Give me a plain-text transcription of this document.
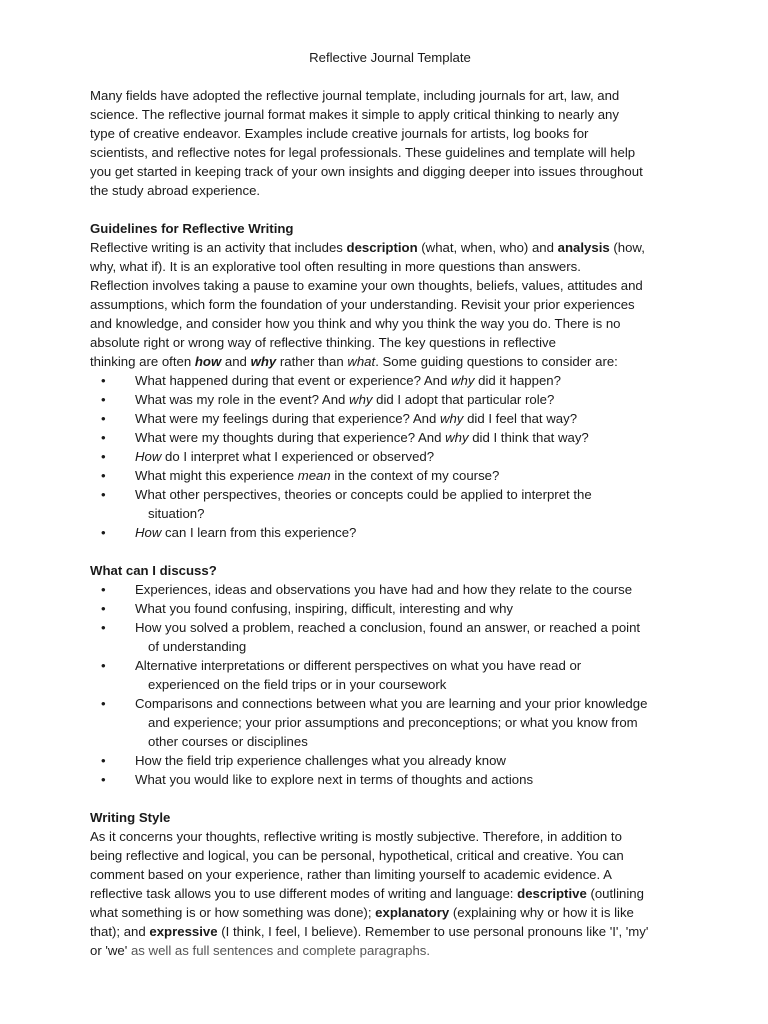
Reflective Journal Template

Many fields have adopted the reflective journal template, including journals for art, law, and

science. The reflective journal format makes it simple to apply critical thinking to nearly any

type of creative endeavor. Examples include creative journals for artists, log books for

scientists, and reflective notes for legal professionals. These guidelines and template will help

you get started in keeping track of your own insights and digging deeper into issues throughout

the study abroad experience.

Guidelines for Reflective Writing

Reflective writing is an activity that includes description (what, when, who) and analysis (how,

why, what if). It is an explorative tool often resulting in more questions than answers.

Reflection involves taking a pause to examine your own thoughts, beliefs, values, attitudes and

assumptions, which form the foundation of your understanding. Revisit your prior experiences

and knowledge, and consider how you think and why you think the way you do. There is no

absolute right or wrong way of reflective thinking. The key questions in reflective

thinking are often how and why rather than what. Some guiding questions to consider are:

• What happened during that event or experience? And why did it happen?
• What was my role in the event? And why did I adopt that particular role?
• What were my feelings during that experience? And why did I feel that way?
• What were my thoughts during that experience? And why did I think that way?
• How do I interpret what I experienced or observed?
• What might this experience mean in the context of my course?
• What other perspectives, theories or concepts could be applied to interpret the
situation?
• How can I learn from this experience?

What can I discuss?

• Experiences, ideas and observations you have had and how they relate to the course
• What you found confusing, inspiring, difficult, interesting and why
• How you solved a problem, reached a conclusion, found an answer, or reached a point
of understanding
• Alternative interpretations or different perspectives on what you have read or
experienced on the field trips or in your coursework
• Comparisons and connections between what you are learning and your prior knowledge
and experience; your prior assumptions and preconceptions; or what you know from
other courses or disciplines
• How the field trip experience challenges what you already know
• What you would like to explore next in terms of thoughts and actions

Writing Style

As it concerns your thoughts, reflective writing is mostly subjective. Therefore, in addition to

being reflective and logical, you can be personal, hypothetical, critical and creative. You can

comment based on your experience, rather than limiting yourself to academic evidence. A

reflective task allows you to use different modes of writing and language: descriptive (outlining

what something is or how something was done); explanatory (explaining why or how it is like

that); and expressive (I think, I feel, I believe). Remember to use personal pronouns like 'I', 'my'

or 'we' as well as full sentences and complete paragraphs.
